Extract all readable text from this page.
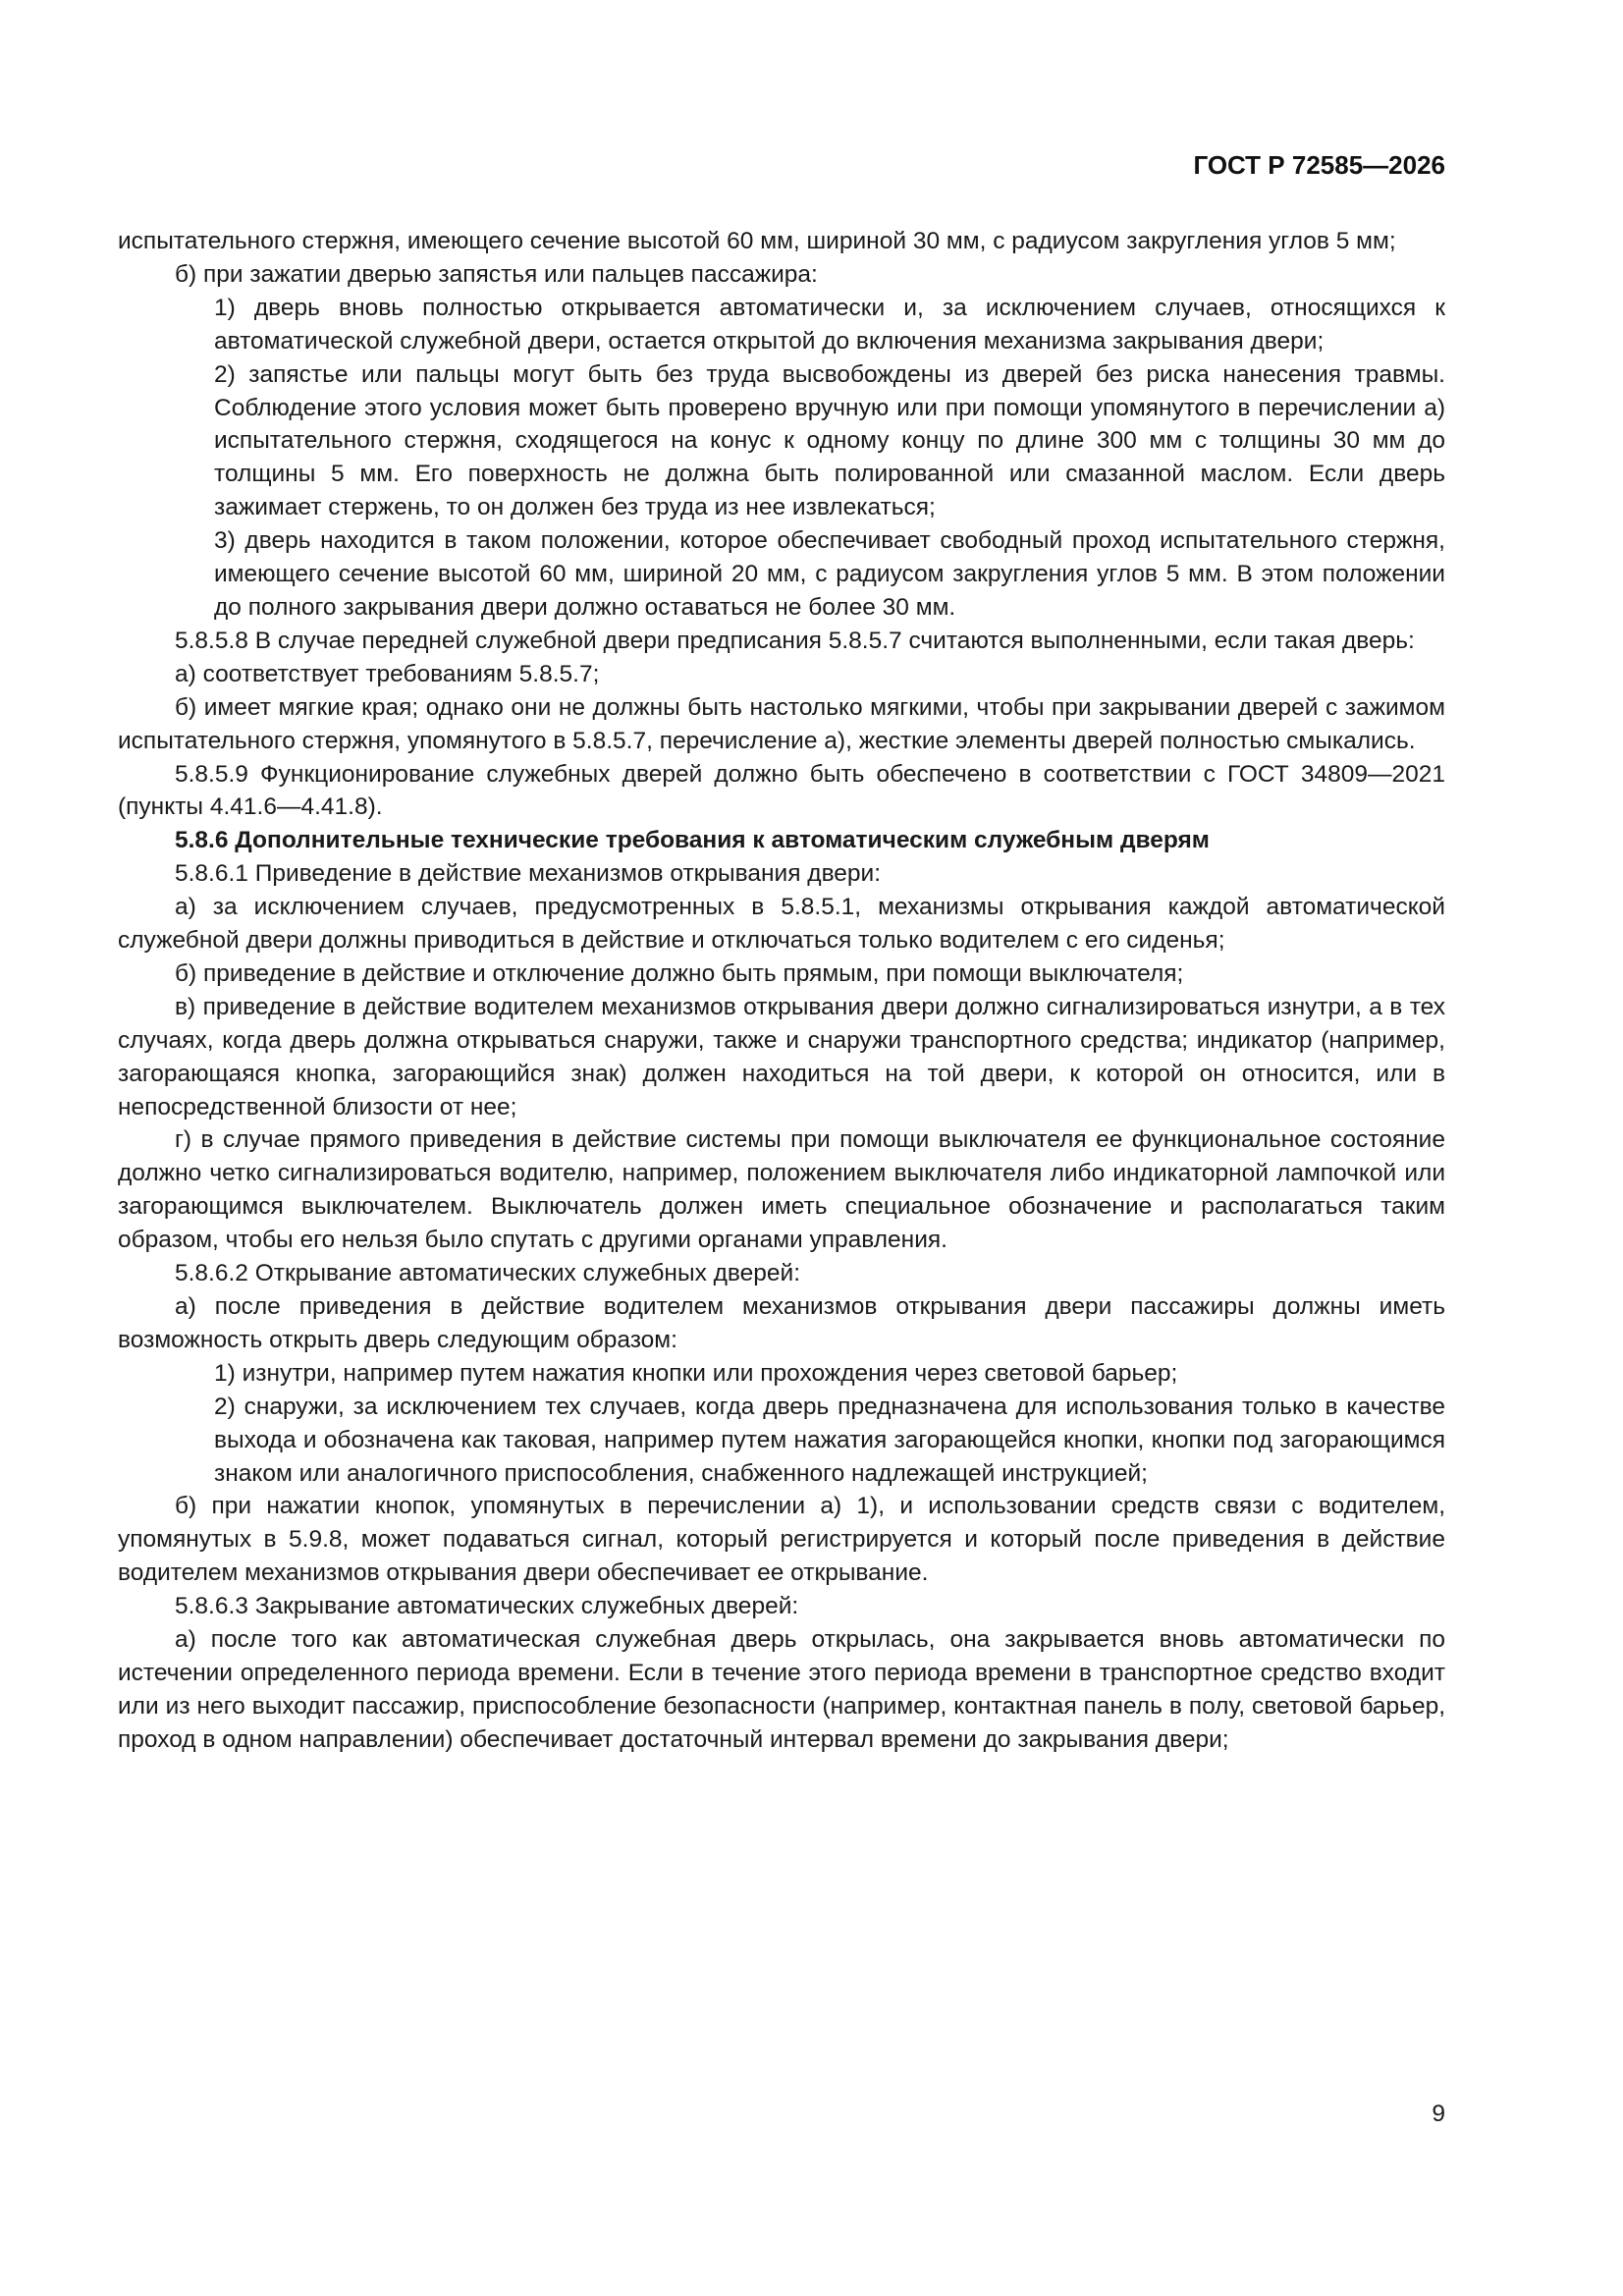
ГОСТ Р 72585—2026

испытательного стержня, имеющего сечение высотой 60 мм, шириной 30 мм, с радиусом закругления углов 5 мм;

б) при зажатии дверью запястья или пальцев пассажира:

1) дверь вновь полностью открывается автоматически и, за исключением случаев, относящихся к автоматической служебной двери, остается открытой до включения механизма закрывания двери;

2) запястье или пальцы могут быть без труда высвобождены из дверей без риска нанесения травмы. Соблюдение этого условия может быть проверено вручную или при помощи упомянутого в перечислении а) испытательного стержня, сходящегося на конус к одному концу по длине 300 мм с толщины 30 мм до толщины 5 мм. Его поверхность не должна быть полированной или смазанной маслом. Если дверь зажимает стержень, то он должен без труда из нее извлекаться;

3) дверь находится в таком положении, которое обеспечивает свободный проход испытательного стержня, имеющего сечение высотой 60 мм, шириной 20 мм, с радиусом закругления углов 5 мм. В этом положении до полного закрывания двери должно оставаться не более 30 мм.

5.8.5.8 В случае передней служебной двери предписания 5.8.5.7 считаются выполненными, если такая дверь:

а) соответствует требованиям 5.8.5.7;

б) имеет мягкие края; однако они не должны быть настолько мягкими, чтобы при закрывании дверей с зажимом испытательного стержня, упомянутого в 5.8.5.7, перечисление а), жесткие элементы дверей полностью смыкались.

5.8.5.9 Функционирование служебных дверей должно быть обеспечено в соответствии с ГОСТ 34809—2021 (пункты 4.41.6—4.41.8).

5.8.6 Дополнительные технические требования к автоматическим служебным дверям

5.8.6.1 Приведение в действие механизмов открывания двери:

а) за исключением случаев, предусмотренных в 5.8.5.1, механизмы открывания каждой автоматической служебной двери должны приводиться в действие и отключаться только водителем с его сиденья;

б) приведение в действие и отключение должно быть прямым, при помощи выключателя;

в) приведение в действие водителем механизмов открывания двери должно сигнализироваться изнутри, а в тех случаях, когда дверь должна открываться снаружи, также и снаружи транспортного средства; индикатор (например, загорающаяся кнопка, загорающийся знак) должен находиться на той двери, к которой он относится, или в непосредственной близости от нее;

г) в случае прямого приведения в действие системы при помощи выключателя ее функциональное состояние должно четко сигнализироваться водителю, например, положением выключателя либо индикаторной лампочкой или загорающимся выключателем. Выключатель должен иметь специальное обозначение и располагаться таким образом, чтобы его нельзя было спутать с другими органами управления.

5.8.6.2 Открывание автоматических служебных дверей:

а) после приведения в действие водителем механизмов открывания двери пассажиры должны иметь возможность открыть дверь следующим образом:

1) изнутри, например путем нажатия кнопки или прохождения через световой барьер;

2) снаружи, за исключением тех случаев, когда дверь предназначена для использования только в качестве выхода и обозначена как таковая, например путем нажатия загорающейся кнопки, кнопки под загорающимся знаком или аналогичного приспособления, снабженного надлежащей инструкцией;

б) при нажатии кнопок, упомянутых в перечислении а) 1), и использовании средств связи с водителем, упомянутых в 5.9.8, может подаваться сигнал, который регистрируется и который после приведения в действие водителем механизмов открывания двери обеспечивает ее открывание.

5.8.6.3 Закрывание автоматических служебных дверей:

а) после того как автоматическая служебная дверь открылась, она закрывается вновь автоматически по истечении определенного периода времени. Если в течение этого периода времени в транспортное средство входит или из него выходит пассажир, приспособление безопасности (например, контактная панель в полу, световой барьер, проход в одном направлении) обеспечивает достаточный интервал времени до закрывания двери;

9
